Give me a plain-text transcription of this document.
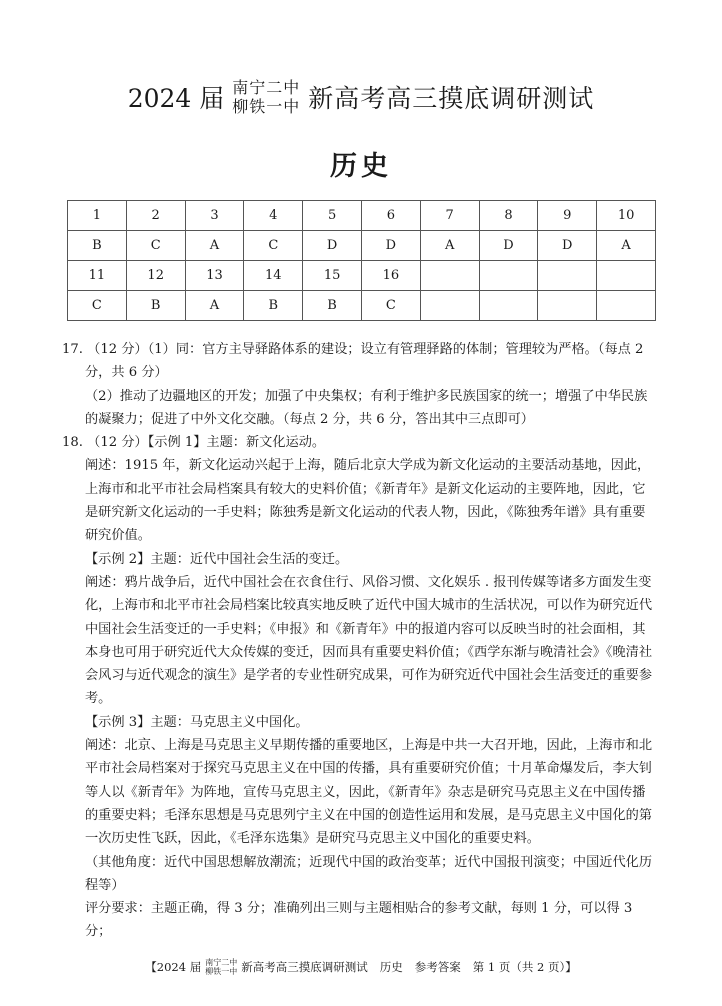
2024 届 南宁二中
柳铁一中 新高考高三摸底调研测试
历史
1	2	3	4	5	6	7	8	9	10
B	C	A	C	D	D	A	D	D	A
11	12	13	14	15	16				
C	B	A	B	B	C				

17. （12 分）（1）同：官方主导驿路体系的建设；设立有管理驿路的体制；管理较为严格。（每点 2 分，共 6 分）

（2）推动了边疆地区的开发；加强了中央集权；有利于维护多民族国家的统一；增强了中华民族的凝聚力；促进了中外文化交融。（每点 2 分，共 6 分，答出其中三点即可）

18. （12 分）【示例 1】主题：新文化运动。

阐述：1915 年，新文化运动兴起于上海，随后北京大学成为新文化运动的主要活动基地，因此，上海市和北平市社会局档案具有较大的史料价值；《新青年》是新文化运动的主要阵地，因此，它是研究新文化运动的一手史料；陈独秀是新文化运动的代表人物，因此，《陈独秀年谱》具有重要研究价值。

【示例 2】主题：近代中国社会生活的变迁。

阐述：鸦片战争后，近代中国社会在衣食住行、风俗习惯、文化娱乐 . 报刊传媒等诸多方面发生变化，上海市和北平市社会局档案比较真实地反映了近代中国大城市的生活状况，可以作为研究近代中国社会生活变迁的一手史料；《申报》和《新青年》中的报道内容可以反映当时的社会面相，其本身也可用于研究近代大众传媒的变迁，因而具有重要史料价值；《西学东渐与晚清社会》《晚清社会风习与近代观念的演生》是学者的专业性研究成果，可作为研究近代中国社会生活变迁的重要参考。

【示例 3】主题：马克思主义中国化。

阐述：北京、上海是马克思主义早期传播的重要地区，上海是中共一大召开地，因此，上海市和北平市社会局档案对于探究马克思主义在中国的传播，具有重要研究价值；十月革命爆发后，李大钊等人以《新青年》为阵地，宣传马克思主义，因此，《新青年》杂志是研究马克思主义在中国传播的重要史料；毛泽东思想是马克思列宁主义在中国的创造性运用和发展，是马克思主义中国化的第一次历史性飞跃，因此，《毛泽东选集》是研究马克思主义中国化的重要史料。

（其他角度：近代中国思想解放潮流；近现代中国的政治变革；近代中国报刊演变；中国近代化历程等）

评分要求：主题正确，得 3 分；准确列出三则与主题相贴合的参考文献，每则 1 分，可以得 3 分；

【2024 届 南宁二中
柳铁一中 新高考高三摸底调研测试 历史 参考答案 第 1 页（共 2 页）】
